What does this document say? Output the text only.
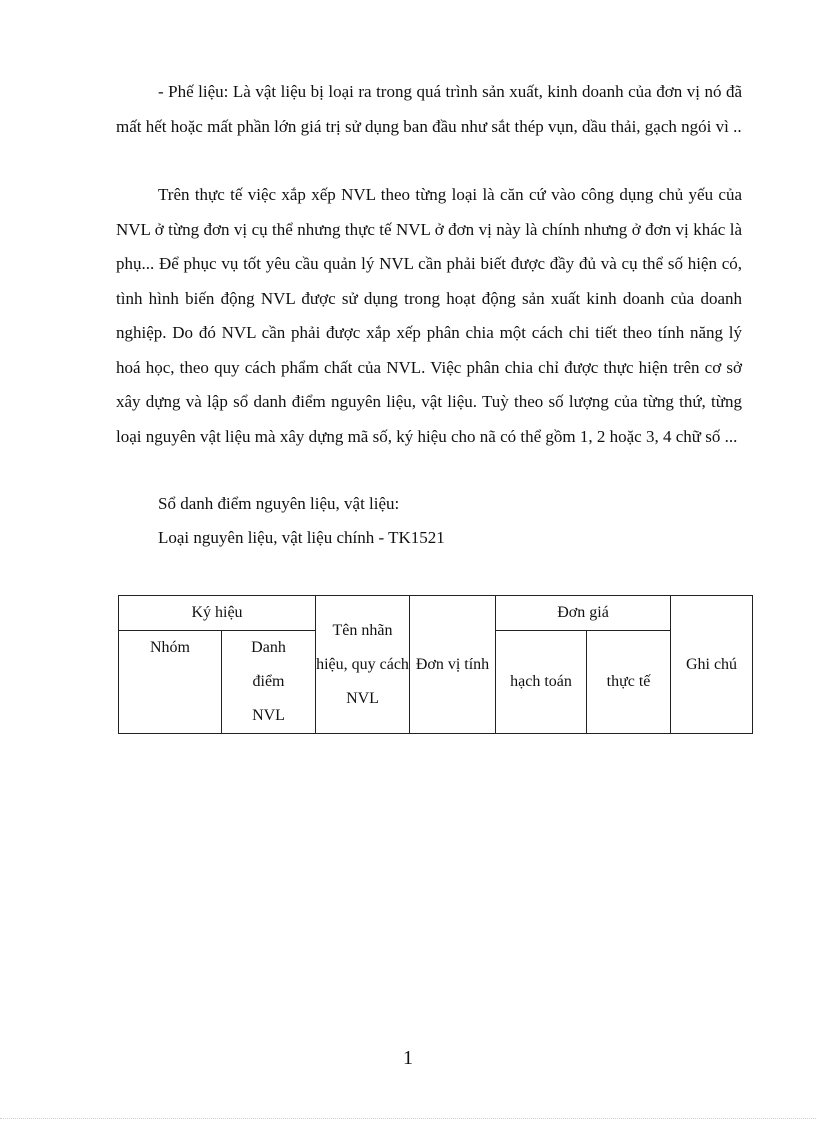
- Phế liệu: Là vật liệu bị loại ra trong quá trình sản xuất, kinh doanh của đơn vị nó đã mất hết hoặc mất phần lớn giá trị sử dụng ban đầu như sắt thép vụn, dầu thải, gạch ngói vì ..

Trên thực tế việc xắp xếp NVL theo từng loại là căn cứ vào công dụng chủ yếu của NVL ở từng đơn vị cụ thể nhưng thực tế NVL ở đơn vị này là chính nhưng ở đơn vị khác là phụ... Để phục vụ tốt yêu cầu quản lý NVL cần phải biết được đầy đủ và cụ thể số hiện có, tình hình biến động NVL được sử dụng trong hoạt động sản xuất kinh doanh của doanh nghiệp. Do đó NVL cần phải được xắp xếp phân chia một cách chi tiết theo tính năng lý hoá học, theo quy cách phẩm chất của NVL. Việc phân chia chỉ được thực hiện trên cơ sở xây dựng và lập sổ danh điểm nguyên liệu, vật liệu. Tuỳ theo số lượng của từng thứ, từng loại nguyên vật liệu mà xây dựng mã số, ký hiệu cho nã có thể gồm 1, 2 hoặc 3, 4 chữ số ...

Sổ danh điểm nguyên liệu, vật liệu:

Loại nguyên liệu, vật liệu chính - TK1521

Ký hiệu		Tên nhãn hiệu, quy cách NVL	Đơn vị tính	Đơn giá		Ghi chú
Nhóm	Danh điểm NVL			hạch toán	thực tế	
1
